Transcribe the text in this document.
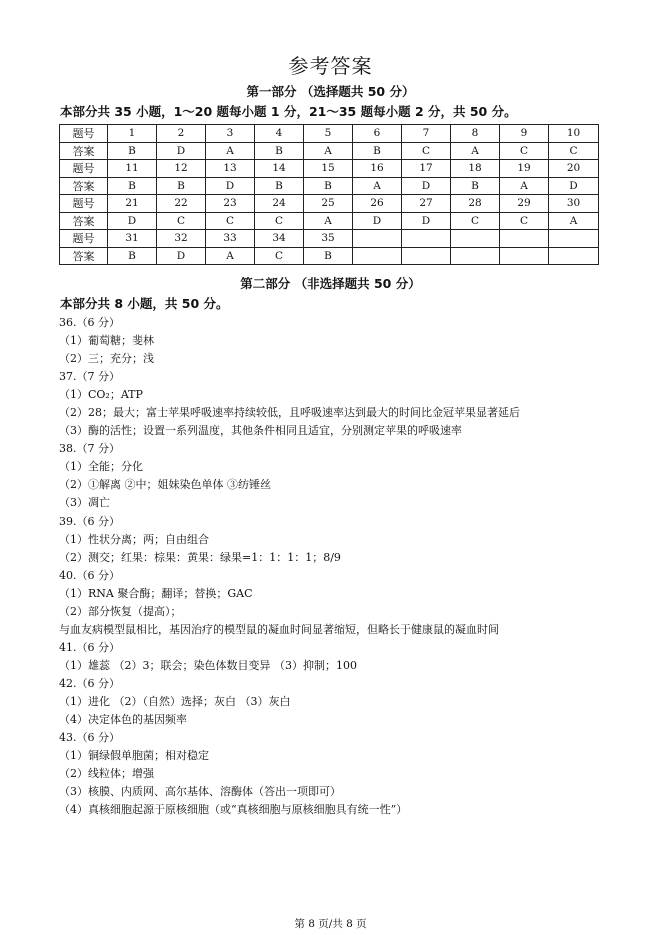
参考答案
第一部分 （选择题共 50 分）
本部分共 35 小题，1～20 题每小题 1 分，21～35 题每小题 2 分，共 50 分。
题号	1	2	3	4	5	6	7	8	9	10
答案	B	D	A	B	A	B	C	A	C	C
题号	11	12	13	14	15	16	17	18	19	20
答案	B	B	D	B	B	A	D	B	A	D
题号	21	22	23	24	25	26	27	28	29	30
答案	D	C	C	C	A	D	D	C	C	A
题号	31	32	33	34	35					
答案	B	D	A	C	B					
第二部分 （非选择题共 50 分）
本部分共 8 小题，共 50 分。
36.（6 分）
（1）葡萄糖；斐林
（2）三；充分；浅
37.（7 分）
（1）CO₂；ATP
（2）28；最大；富士苹果呼吸速率持续较低，且呼吸速率达到最大的时间比金冠苹果显著延后
（3）酶的活性；设置一系列温度，其他条件相同且适宜，分别测定苹果的呼吸速率
38.（7 分）
（1）全能；分化
（2）①解离 ②中；姐妹染色单体 ③纺锤丝
（3）凋亡
39.（6 分）
（1）性状分离；两；自由组合
（2）测交；红果：棕果：黄果：绿果=1：1：1：1；8/9
40.（6 分）
（1）RNA 聚合酶；翻译；替换；GAC
（2）部分恢复（提高）；
与血友病模型鼠相比，基因治疗的模型鼠的凝血时间显著缩短，但略长于健康鼠的凝血时间
41.（6 分）
（1）雄蕊 （2）3；联会；染色体数目变异 （3）抑制；100
42.（6 分）
（1）进化 （2）（自然）选择；灰白 （3）灰白
（4）决定体色的基因频率
43.（6 分）
（1）铜绿假单胞菌；相对稳定
（2）线粒体；增强
（3）核膜、内质网、高尔基体、溶酶体（答出一项即可）
（4）真核细胞起源于原核细胞（或“真核细胞与原核细胞具有统一性”）
第 8 页/共 8 页
